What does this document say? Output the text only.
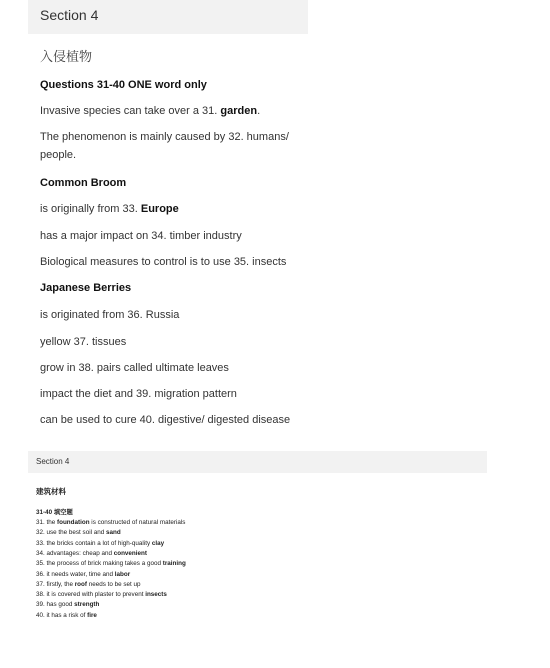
Section 4
入侵植物
Questions 31-40 ONE word only
Invasive species can take over a 31. garden.
The phenomenon is mainly caused by 32. humans/ people.
Common Broom
is originally from 33. Europe
has a major impact on 34. timber industry
Biological measures to control is to use 35. insects
Japanese Berries
is originated from 36. Russia
yellow 37. tissues
grow in 38. pairs called ultimate leaves
impact the diet and 39. migration pattern
can be used to cure 40. digestive/ digested disease
Section 4
建筑材料
31-40 填空题
31. the foundation is constructed of natural materials
32. use the best soil and sand
33. the bricks contain a lot of high-quality clay
34. advantages: cheap and convenient
35. the process of brick making takes a good training
36. it needs water, time and labor
37. firstly, the roof needs to be set up
38. it is covered with plaster to prevent insects
39. has good strength
40. it has a risk of fire
